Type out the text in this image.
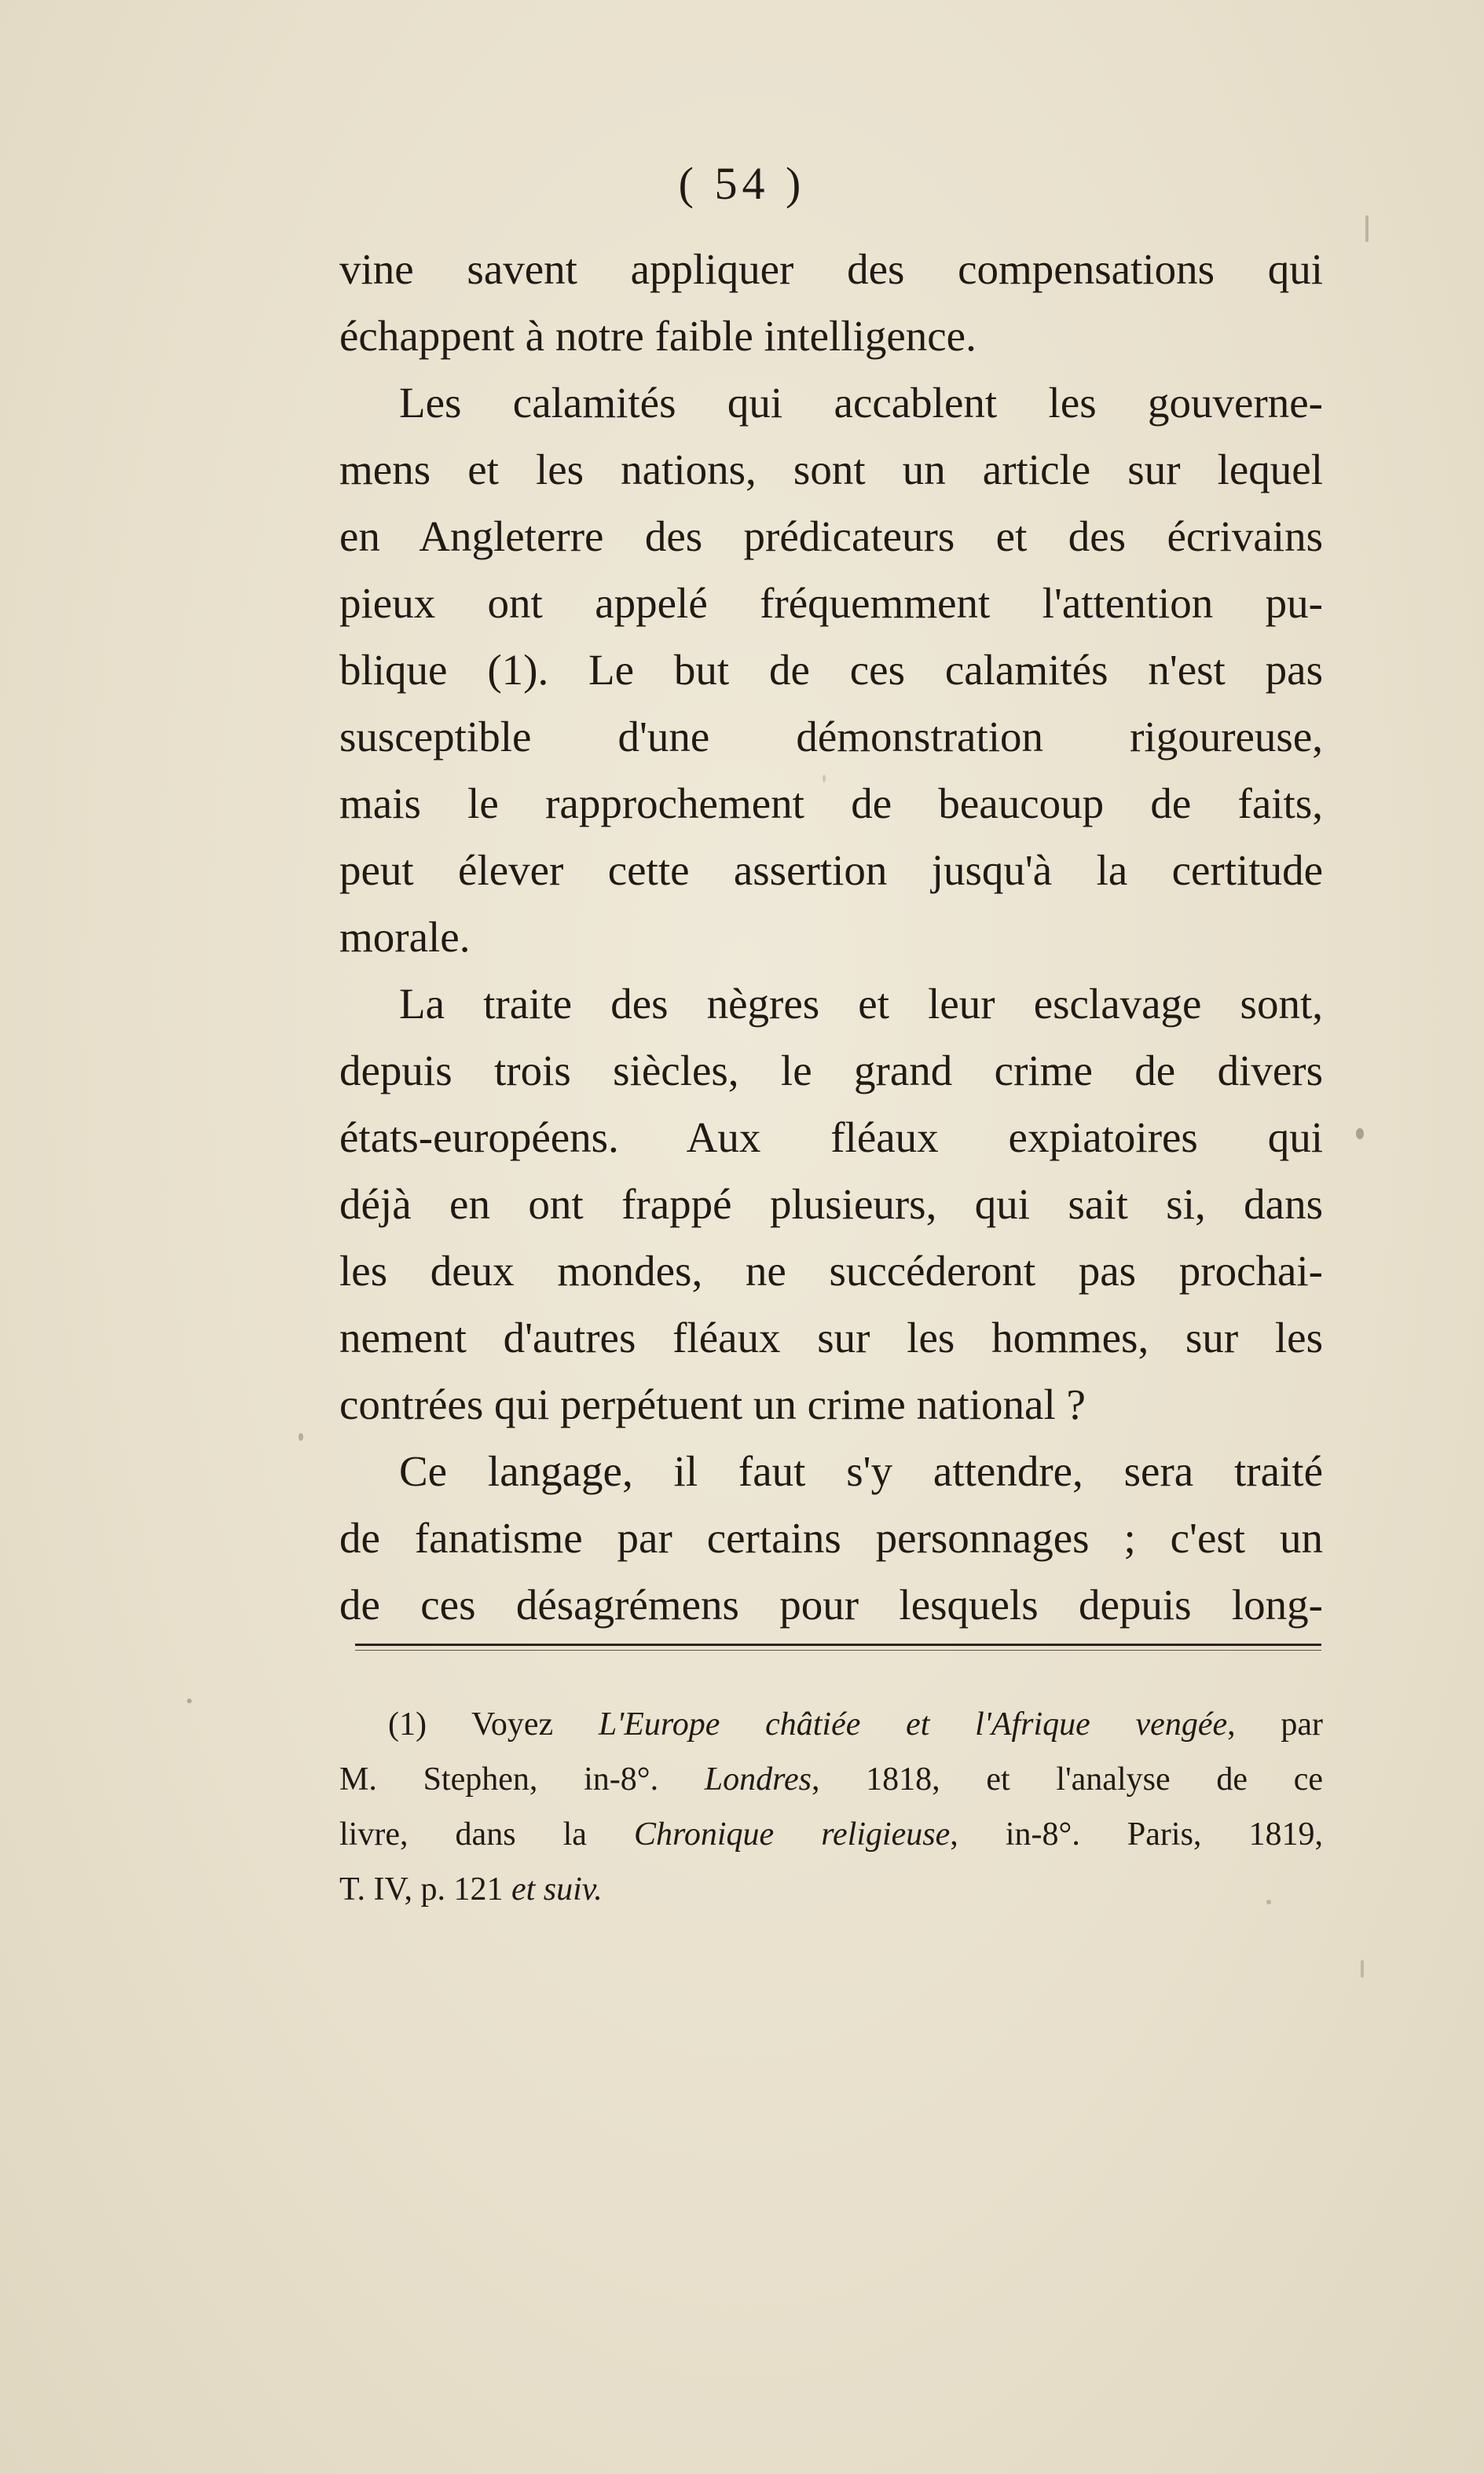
( 54 )
vine savent appliquer des compensations qui
échappent à notre faible intelligence.
Les calamités qui accablent les gouverne-
mens et les nations, sont un article sur lequel
en Angleterre des prédicateurs et des écrivains
pieux ont appelé fréquemment l'attention pu-
blique (1). Le but de ces calamités n'est pas
susceptible d'une démonstration rigoureuse,
mais le rapprochement de beaucoup de faits,
peut élever cette assertion jusqu'à la certitude
morale.
La traite des nègres et leur esclavage sont,
depuis trois siècles, le grand crime de divers
états-européens. Aux fléaux expiatoires qui
déjà en ont frappé plusieurs, qui sait si, dans
les deux mondes, ne succéderont pas prochai-
nement d'autres fléaux sur les hommes, sur les
contrées qui perpétuent un crime national ?
Ce langage, il faut s'y attendre, sera traité
de fanatisme par certains personnages ; c'est un
de ces désagrémens pour lesquels depuis long-
(1) Voyez L'Europe châtiée et l'Afrique vengée, par
M. Stephen, in-8°. Londres, 1818, et l'analyse de ce
livre, dans la Chronique religieuse, in-8°. Paris, 1819,
T. IV, p. 121 et suiv.
